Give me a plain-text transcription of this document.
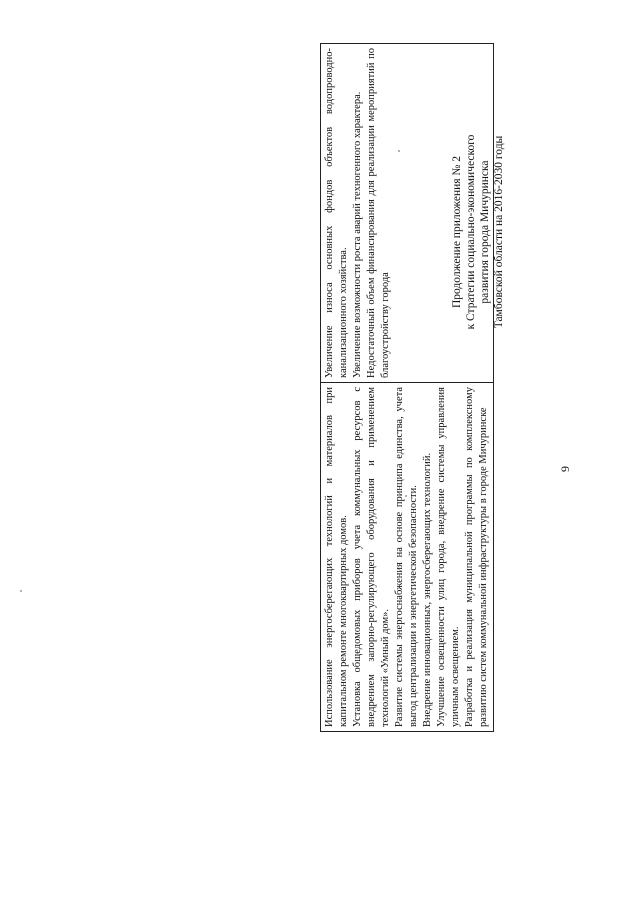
9
Продолжение приложения № 2 к Стратегии социально-экономического развития города Мичуринска Тамбовской области на 2016-2030 годы
Использование энергосберегающих технологий и материалов при капитальном ремонте многоквартирных домов. Установка общедомовых приборов учета коммунальных ресурсов с внедрением запорно-регулирующего оборудования и применением технологий «Умный дом». Развитие системы энергоснабжения на основе принципа единства, учета выгод централизации и энергетической безопасности. Внедрение инновационных, энергосберегающих технологий. Улучшение освещенности улиц города, внедрение системы управления уличным освещением. Разработка и реализация муниципальной программы по комплексному развитию систем коммунальной инфраструктуры в городе Мичуринске

Увеличение износа основных фондов объектов водопроводно-канализационного хозяйства. Увеличение возможности роста аварий техногенного характера. Недостаточный объем финансирования для реализации мероприятий по благоустройству города
